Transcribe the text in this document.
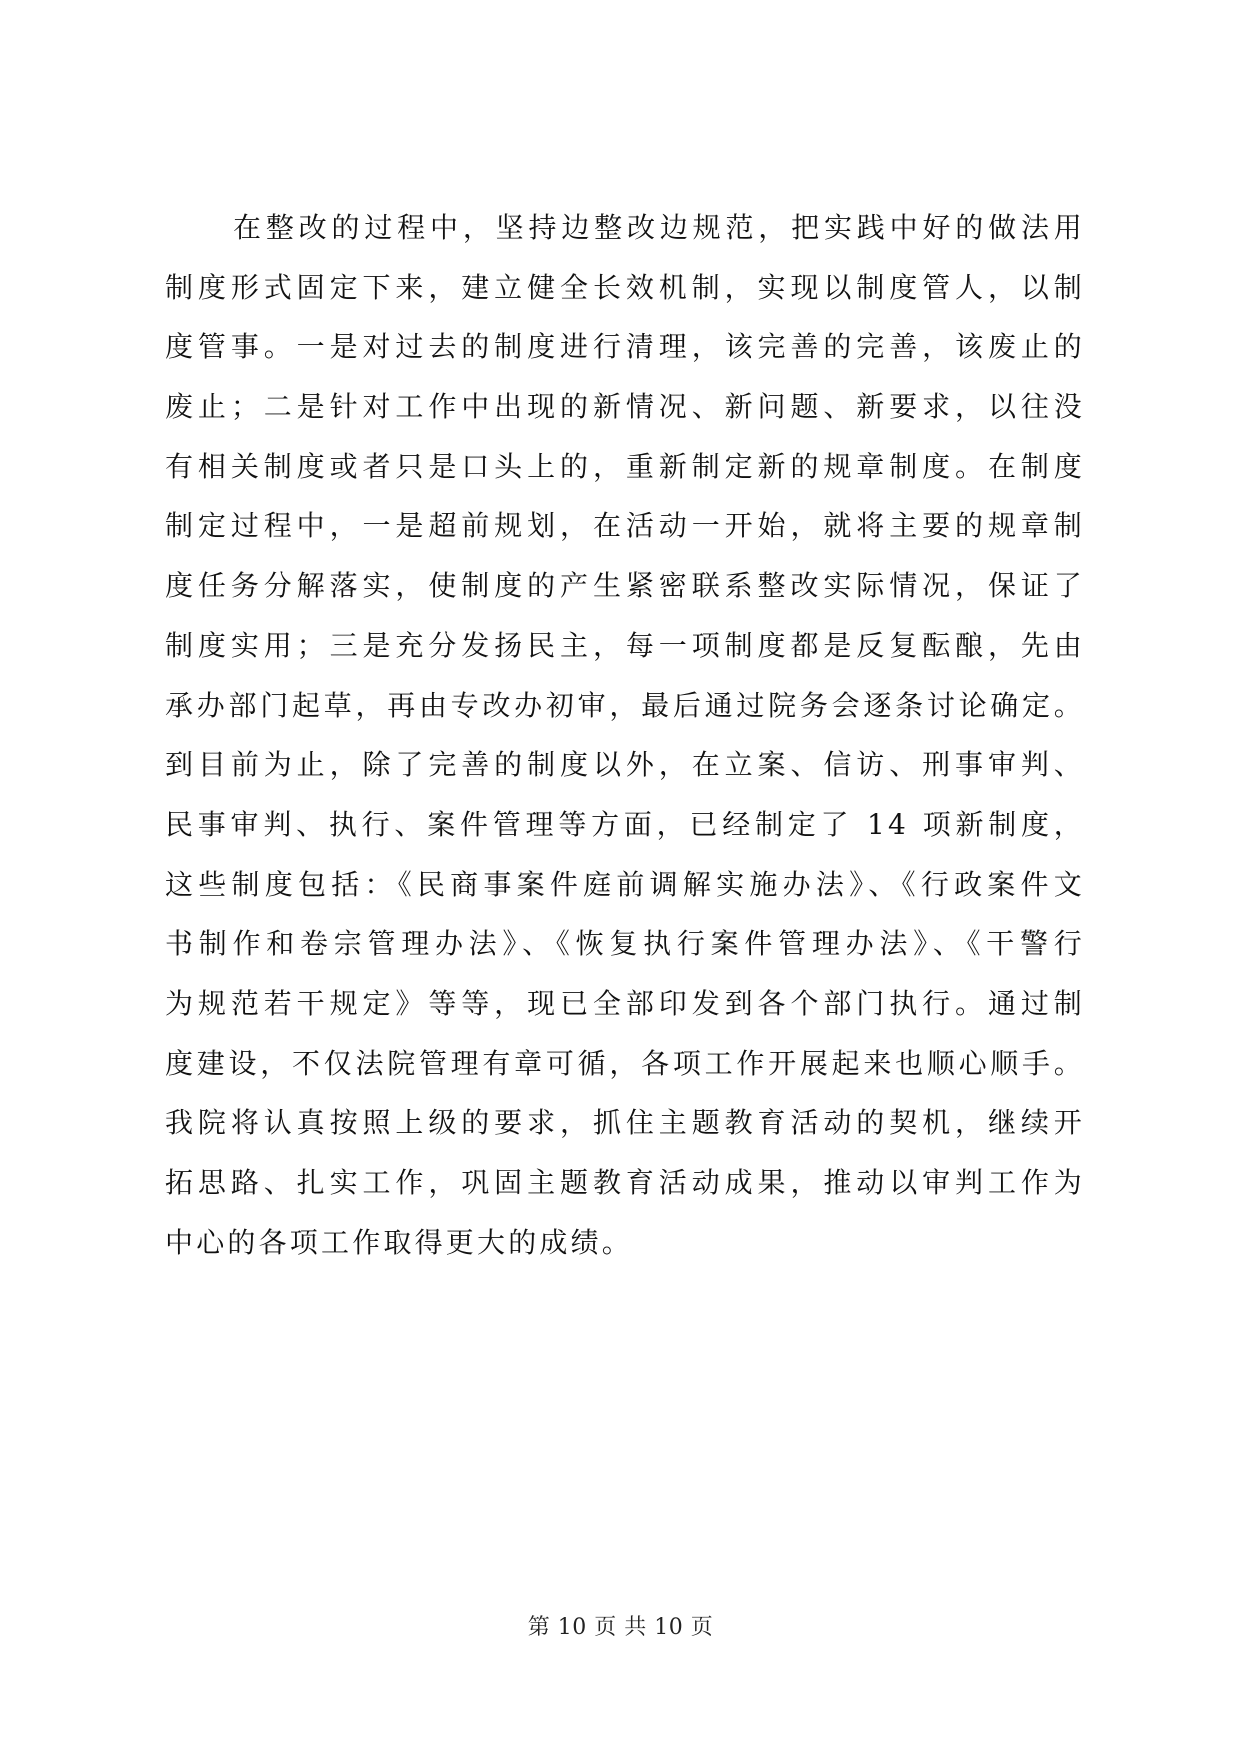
在整改的过程中，坚持边整改边规范，把实践中好的做法用
制度形式固定下来，建立健全长效机制，实现以制度管人，以制
度管事。一是对过去的制度进行清理，该完善的完善，该废止的
废止；二是针对工作中出现的新情况、新问题、新要求，以往没
有相关制度或者只是口头上的，重新制定新的规章制度。在制度
制定过程中，一是超前规划，在活动一开始，就将主要的规章制
度任务分解落实，使制度的产生紧密联系整改实际情况，保证了
制度实用；三是充分发扬民主，每一项制度都是反复酝酿，先由
承办部门起草，再由专改办初审，最后通过院务会逐条讨论确定。
到目前为止，除了完善的制度以外，在立案、信访、刑事审判、
民事审判、执行、案件管理等方面，已经制定了 14 项新制度，
这些制度包括：《民商事案件庭前调解实施办法》、《行政案件文
书制作和卷宗管理办法》、《恢复执行案件管理办法》、《干警行
为规范若干规定》等等，现已全部印发到各个部门执行。通过制
度建设，不仅法院管理有章可循，各项工作开展起来也顺心顺手。
我院将认真按照上级的要求，抓住主题教育活动的契机，继续开
拓思路、扎实工作，巩固主题教育活动成果，推动以审判工作为
中心的各项工作取得更大的成绩。
第 10 页 共 10 页
